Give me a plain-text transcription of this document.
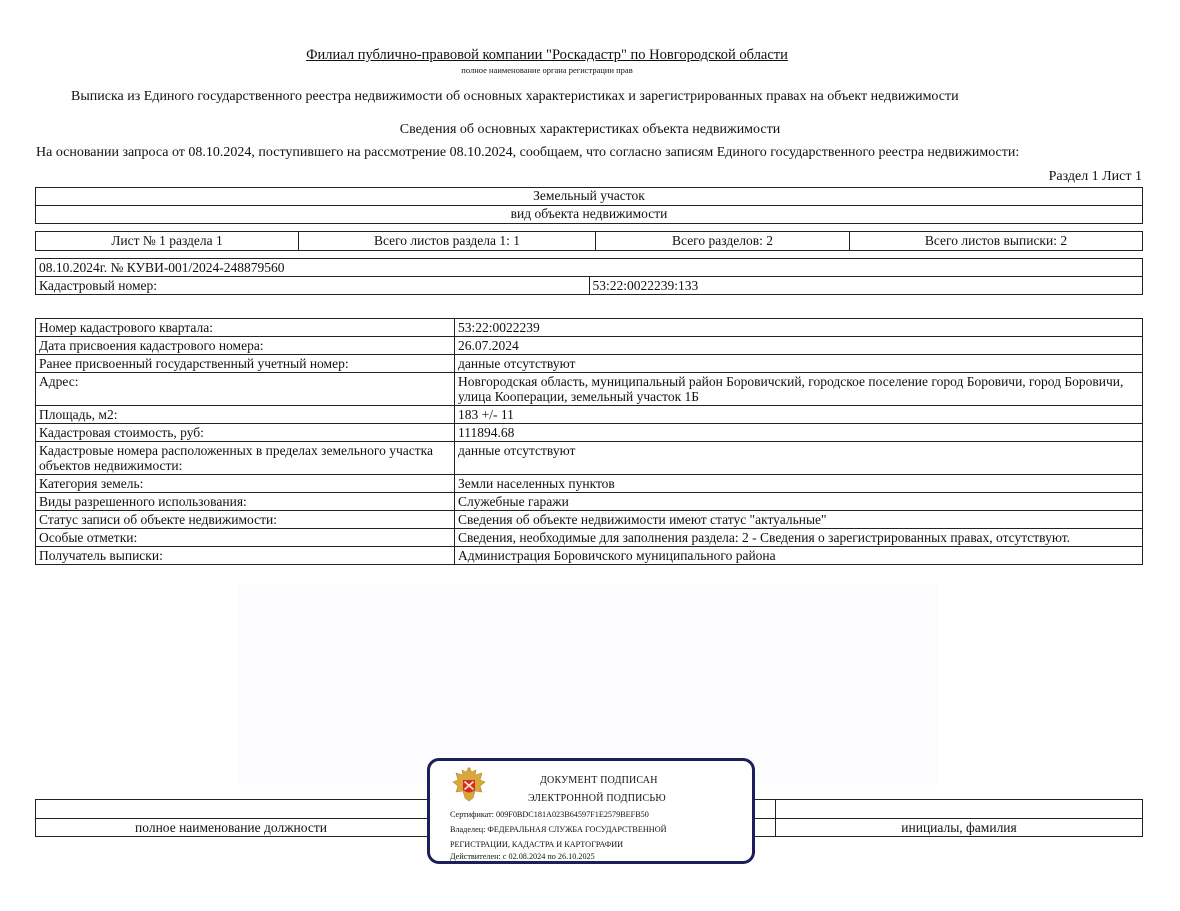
Филиал публично-правовой компании "Роскадастр" по Новгородской области
полное наименование органа регистрации прав
Выписка из Единого государственного реестра недвижимости об основных характеристиках и зарегистрированных правах на объект недвижимости
Сведения об основных характеристиках объекта недвижимости
На основании запроса от 08.10.2024, поступившего на рассмотрение 08.10.2024, сообщаем, что согласно записям Единого государственного реестра недвижимости:
Раздел 1 Лист 1
Земельный участок
вид объекта недвижимости
Лист № 1 раздела 1	Всего листов раздела 1: 1	Всего разделов: 2	Всего листов выписки: 2
08.10.2024г. № КУВИ-001/2024-248879560
Кадастровый номер:	53:22:0022239:133
Номер кадастрового квартала:	53:22:0022239
Дата присвоения кадастрового номера:	26.07.2024
Ранее присвоенный государственный учетный номер:	данные отсутствуют
Адрес:	Новгородская область, муниципальный район Боровичский, городское поселение город Боровичи, город Боровичи, улица Кооперации, земельный участок 1Б
Площадь, м2:	183 +/- 11
Кадастровая стоимость, руб:	111894.68
Кадастровые номера расположенных в пределах земельного участка объектов недвижимости:	данные отсутствуют
Категория земель:	Земли населенных пунктов
Виды разрешенного использования:	Служебные гаражи
Статус записи об объекте недвижимости:	Сведения об объекте недвижимости имеют статус "актуальные"
Особые отметки:	Сведения, необходимые для заполнения раздела: 2 - Сведения о зарегистрированных правах, отсутствуют.
Получатель выписки:	Администрация Боровичского муниципального района
полное наименование должности	инициалы, фамилия
ДОКУМЕНТ ПОДПИСАН
ЭЛЕКТРОННОЙ ПОДПИСЬЮ
Сертификат: 009F0BDC181A023B64597F1E2579BEFB50
Владелец: ФЕДЕРАЛЬНАЯ СЛУЖБА ГОСУДАРСТВЕННОЙ
РЕГИСТРАЦИИ, КАДАСТРА И КАРТОГРАФИИ
Действителен: с 02.08.2024 по 26.10.2025
